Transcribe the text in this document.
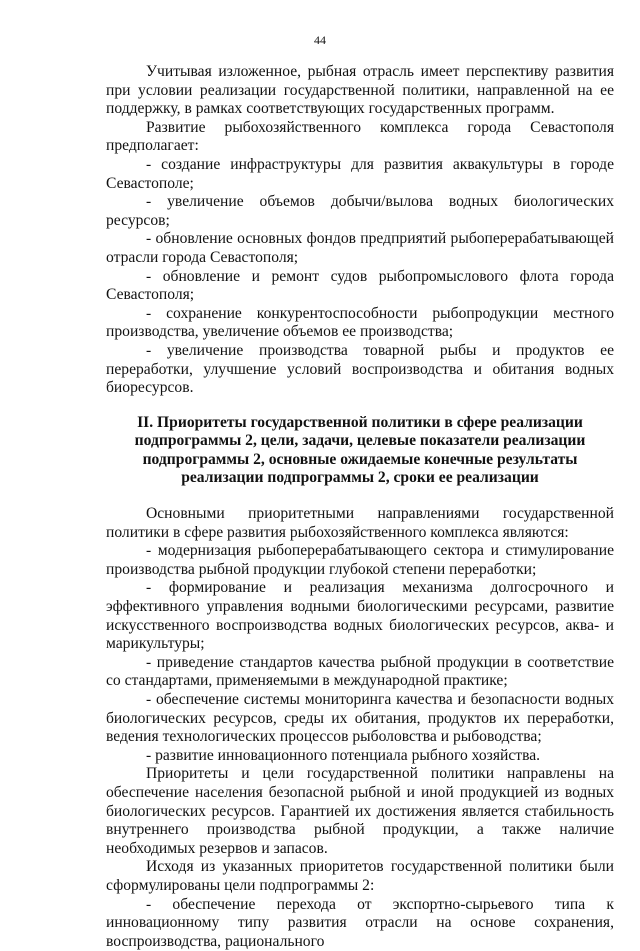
44

Учитывая изложенное, рыбная отрасль имеет перспективу развития при условии реализации государственной политики, направленной на ее поддержку, в рамках соответствующих государственных программ.

Развитие рыбохозяйственного комплекса города Севастополя предполагает:

- создание инфраструктуры для развития аквакультуры в городе Севастополе;

- увеличение объемов добычи/вылова водных биологических ресурсов;

- обновление основных фондов предприятий рыбоперерабатывающей отрасли города Севастополя;

- обновление и ремонт судов рыбопромыслового флота города Севастополя;

- сохранение конкурентоспособности рыбопродукции местного производства, увеличение объемов ее производства;

- увеличение производства товарной рыбы и продуктов ее переработки, улучшение условий воспроизводства и обитания водных биоресурсов.

II. Приоритеты государственной политики в сфере реализации подпрограммы 2, цели, задачи, целевые показатели реализации подпрограммы 2, основные ожидаемые конечные результаты реализации подпрограммы 2, сроки ее реализации

Основными приоритетными направлениями государственной политики в сфере развития рыбохозяйственного комплекса являются:

- модернизация рыбоперерабатывающего сектора и стимулирование производства рыбной продукции глубокой степени переработки;

- формирование и реализация механизма долгосрочного и эффективного управления водными биологическими ресурсами, развитие искусственного воспроизводства водных биологических ресурсов, аква- и марикультуры;

- приведение стандартов качества рыбной продукции в соответствие со стандартами, применяемыми в международной практике;

- обеспечение системы мониторинга качества и безопасности водных биологических ресурсов, среды их обитания, продуктов их переработки, ведения технологических процессов рыболовства и рыбоводства;

- развитие инновационного потенциала рыбного хозяйства.

Приоритеты и цели государственной политики направлены на обеспечение населения безопасной рыбной и иной продукцией из водных биологических ресурсов. Гарантией их достижения является стабильность внутреннего производства рыбной продукции, а также наличие необходимых резервов и запасов.

Исходя из указанных приоритетов государственной политики были сформулированы цели подпрограммы 2:

- обеспечение перехода от экспортно-сырьевого типа к инновационному типу развития отрасли на основе сохранения, воспроизводства, рационального
